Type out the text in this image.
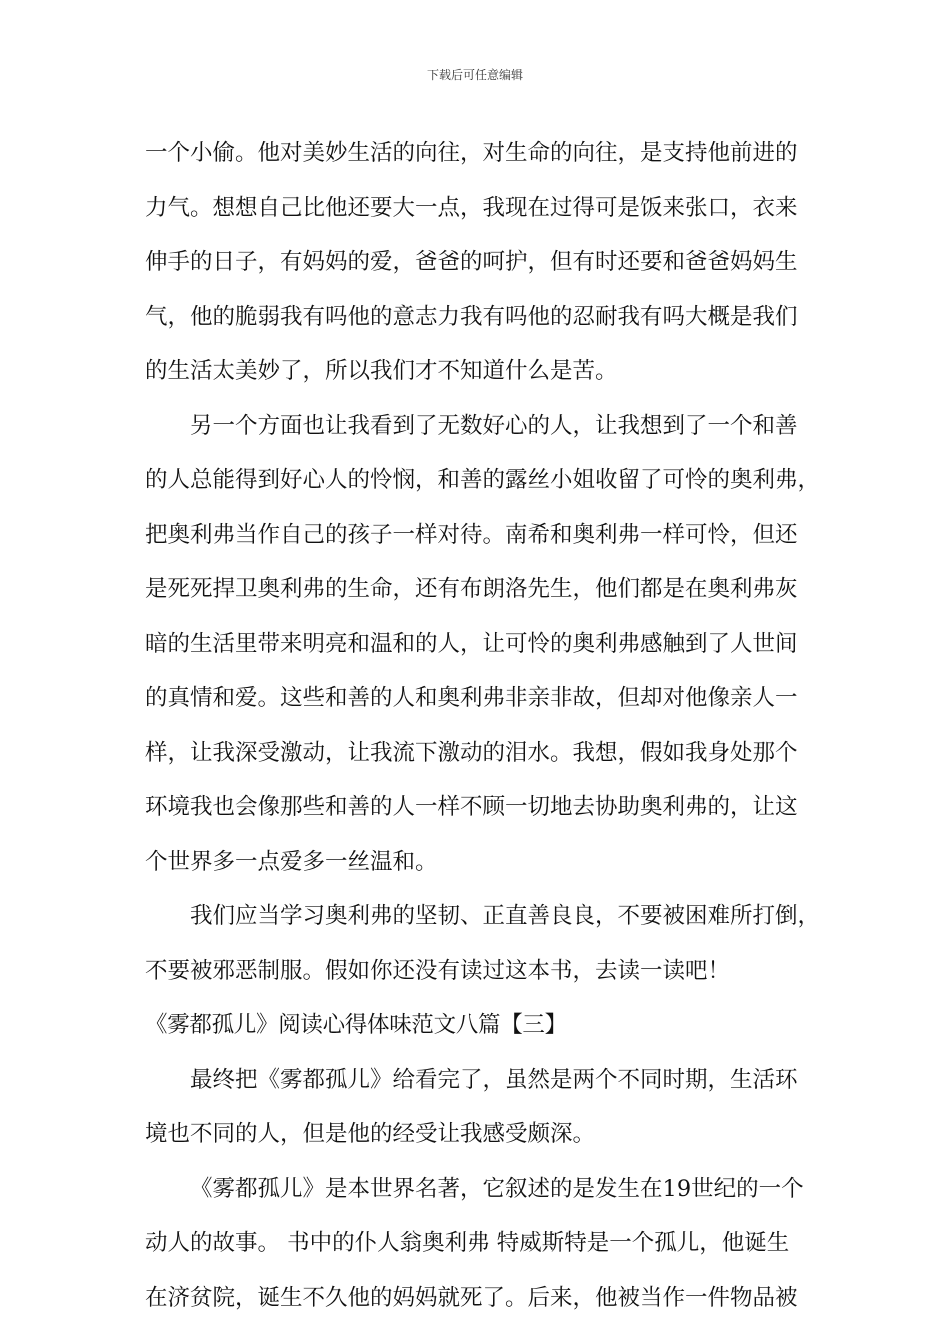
下载后可任意编辑
一个小偷。他对美妙生活的向往，对生命的向往，是支持他前进的
力气。想想自己比他还要大一点，我现在过得可是饭来张口，衣来
伸手的日子，有妈妈的爱，爸爸的呵护，但有时还要和爸爸妈妈生
气，他的脆弱我有吗他的意志力我有吗他的忍耐我有吗大概是我们
的生活太美妙了，所以我们才不知道什么是苦。
另一个方面也让我看到了无数好心的人，让我想到了一个和善
的人总能得到好心人的怜悯，和善的露丝小姐收留了可怜的奥利弗，
把奥利弗当作自己的孩子一样对待。南希和奥利弗一样可怜，但还
是死死捍卫奥利弗的生命，还有布朗洛先生，他们都是在奥利弗灰
暗的生活里带来明亮和温和的人，让可怜的奥利弗感触到了人世间
的真情和爱。这些和善的人和奥利弗非亲非故，但却对他像亲人一
样，让我深受激动，让我流下激动的泪水。我想，假如我身处那个
环境我也会像那些和善的人一样不顾一切地去协助奥利弗的，让这
个世界多一点爱多一丝温和。
我们应当学习奥利弗的坚韧、正直善良良，不要被困难所打倒，
不要被邪恶制服。假如你还没有读过这本书，去读一读吧！
《雾都孤儿》阅读心得体味范文八篇【三】
最终把《雾都孤儿》给看完了，虽然是两个不同时期，生活环
境也不同的人，但是他的经受让我感受颇深。
《雾都孤儿》是本世界名著，它叙述的是发生在19世纪的一个
动人的故事。 书中的仆人翁奥利弗 特威斯特是一个孤儿，他诞生
在济贫院，诞生不久他的妈妈就死了。后来，他被当作一件物品被
